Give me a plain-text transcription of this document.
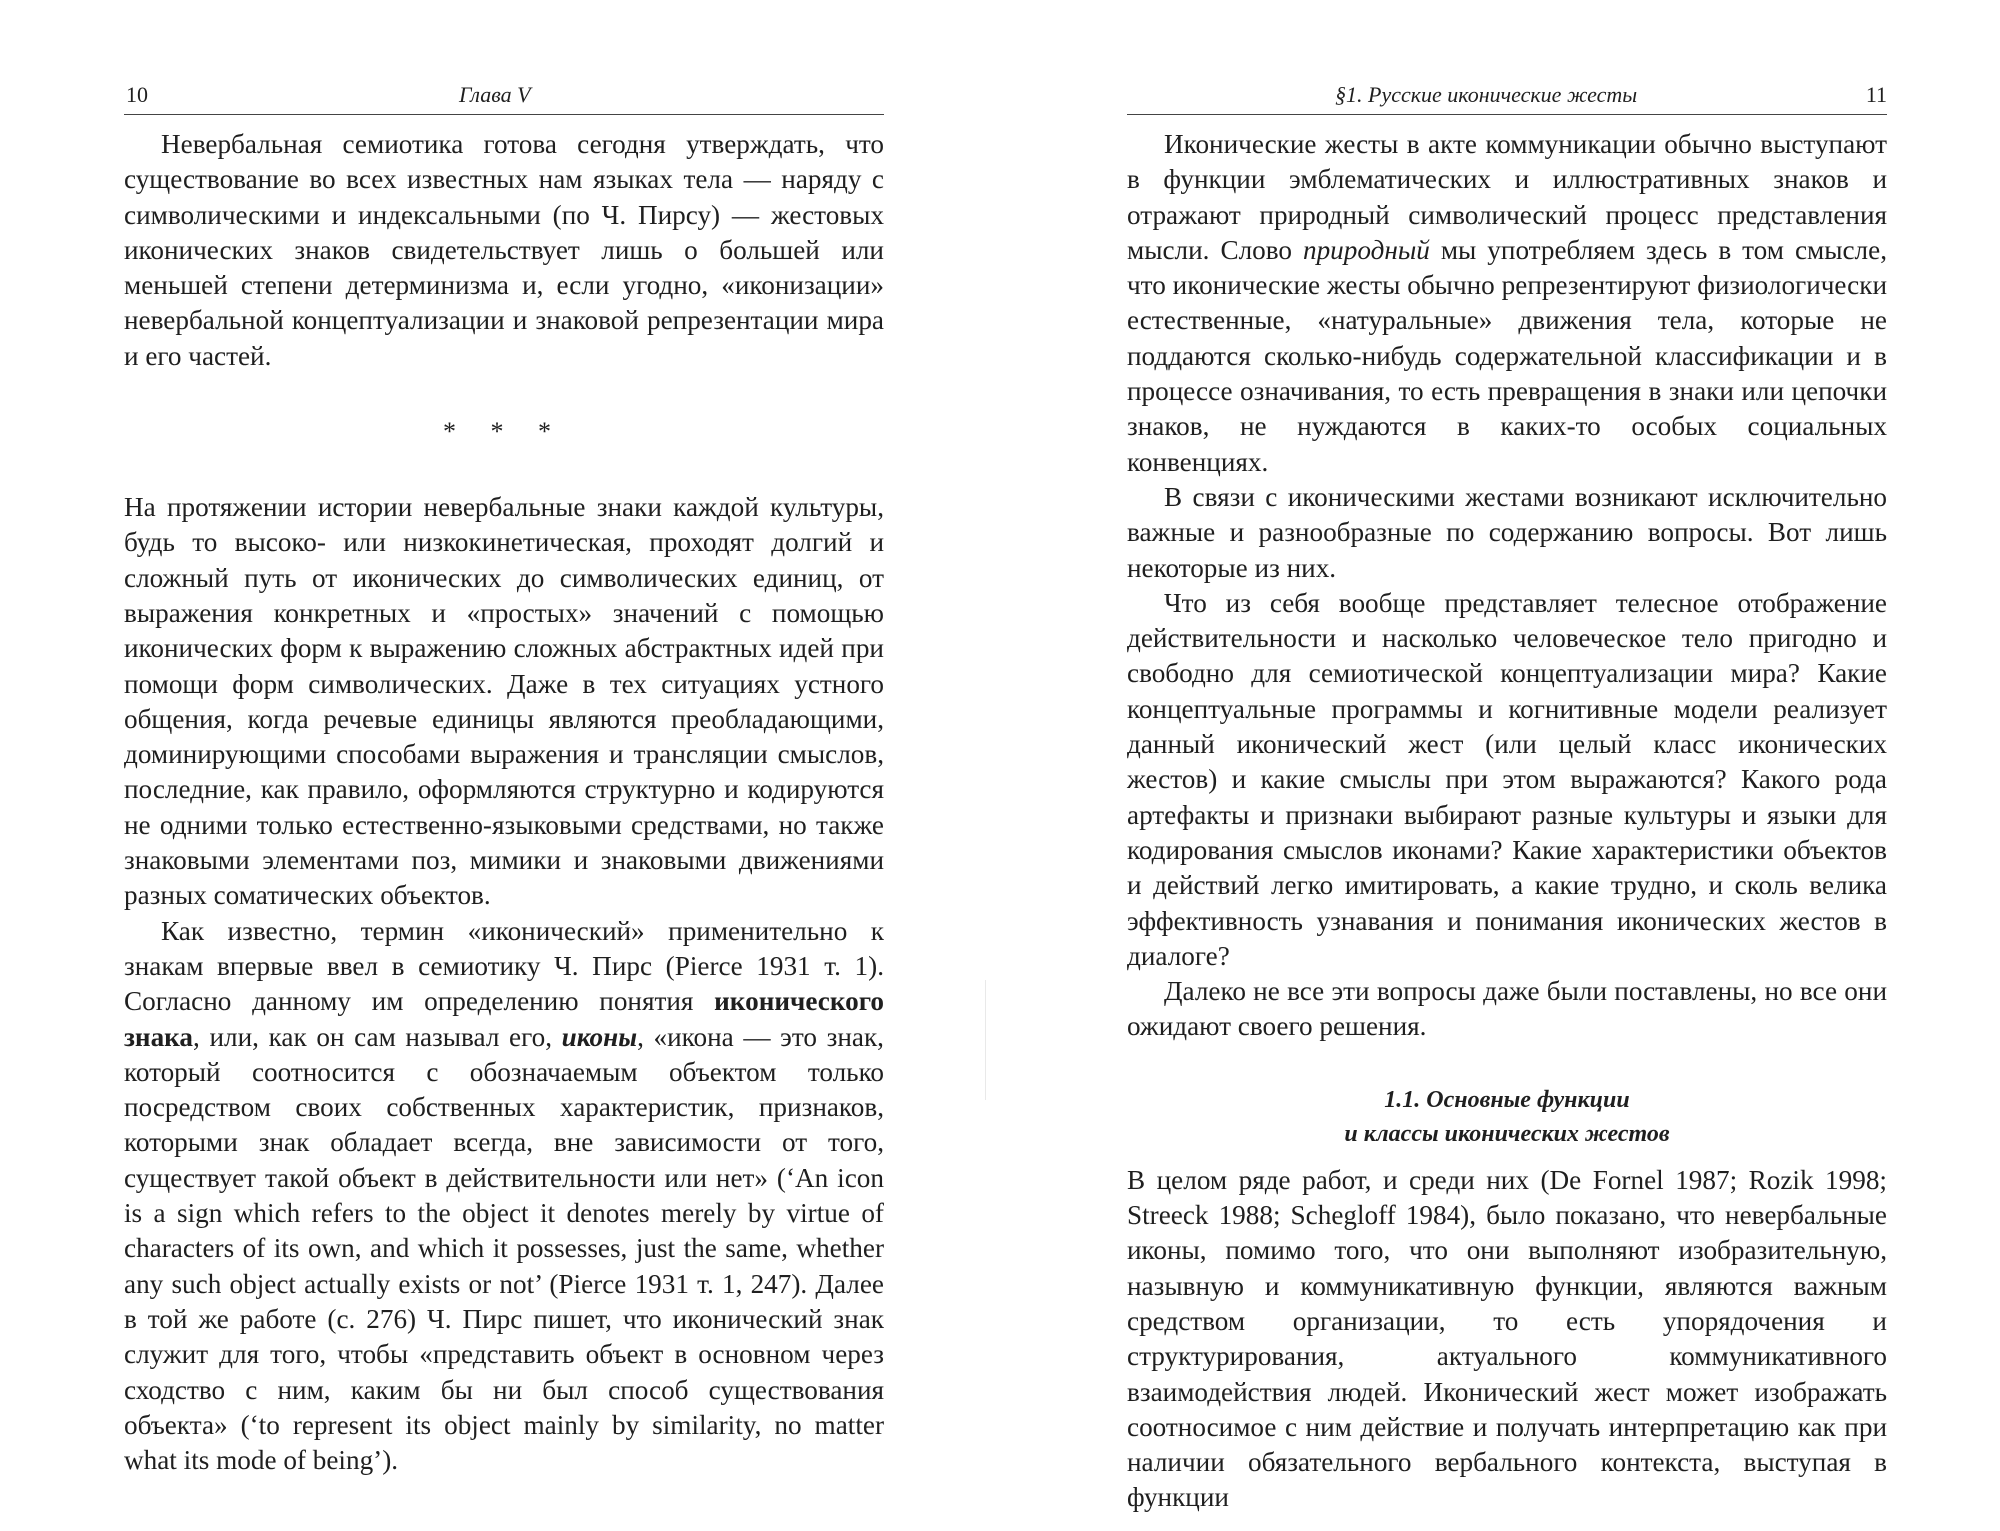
10	Глава V

Невербальная семиотика готова сегодня утверждать, что существование во всех известных нам языках тела — наряду с символическими и индексальными (по Ч. Пирсу) — жестовых иконических знаков свидетельствует лишь о большей или меньшей степени детерминизма и, если угодно, «иконизации» невербальной концептуализации и знаковой репрезентации мира и его частей.

* * *

На протяжении истории невербальные знаки каждой культуры, будь то высоко- или низкокинетическая, проходят долгий и сложный путь от иконических до символических единиц, от выражения конкретных и «простых» значений с помощью иконических форм к выражению сложных абстрактных идей при помощи форм символических. Даже в тех ситуациях устного общения, когда речевые единицы являются преобладающими, доминирующими способами выражения и трансляции смыслов, последние, как правило, оформляются структурно и кодируются не одними только естественно-языковыми средствами, но также знаковыми элементами поз, мимики и знаковыми движениями разных соматических объектов.

Как известно, термин «иконический» применительно к знакам впервые ввел в семиотику Ч. Пирс (Pierce 1931 т. 1). Согласно данному им определению понятия иконического знака, или, как он сам называл его, иконы, «икона — это знак, который соотносится с обозначаемым объектом только посредством своих собственных характеристик, признаков, которыми знак обладает всегда, вне зависимости от того, существует такой объект в действительности или нет» (‘An icon is a sign which refers to the object it denotes merely by virtue of characters of its own, and which it possesses, just the same, whether any such object actually exists or not’ (Pierce 1931 т. 1, 247). Далее в той же работе (с. 276) Ч. Пирс пишет, что иконический знак служит для того, чтобы «представить объект в основном через сходство с ним, каким бы ни был способ существования объекта» (‘to represent its object mainly by similarity, no matter what its mode of being’).

§1. Русские иконические жесты	11

Иконические жесты в акте коммуникации обычно выступают в функции эмблематических и иллюстративных знаков и отражают природный символический процесс представления мысли. Слово природный мы употребляем здесь в том смысле, что иконические жесты обычно репрезентируют физиологически естественные, «натуральные» движения тела, которые не поддаются сколько-нибудь содержательной классификации и в процессе означивания, то есть превращения в знаки или цепочки знаков, не нуждаются в каких-то особых социальных конвенциях.

В связи с иконическими жестами возникают исключительно важные и разнообразные по содержанию вопросы. Вот лишь некоторые из них.

Что из себя вообще представляет телесное отображение действительности и насколько человеческое тело пригодно и свободно для семиотической концептуализации мира? Какие концептуальные программы и когнитивные модели реализует данный иконический жест (или целый класс иконических жестов) и какие смыслы при этом выражаются? Какого рода артефакты и признаки выбирают разные культуры и языки для кодирования смыслов иконами? Какие характеристики объектов и действий легко имитировать, а какие трудно, и сколь велика эффективность узнавания и понимания иконических жестов в диалоге?

Далеко не все эти вопросы даже были поставлены, но все они ожидают своего решения.

1.1. Основные функции
и классы иконических жестов

В целом ряде работ, и среди них (De Fornel 1987; Rozik 1998; Streeck 1988; Schegloff 1984), было показано, что невербальные иконы, помимо того, что они выполняют изобразительную, назывную и коммуникативную функции, являются важным средством организации, то есть упорядочения и структурирования, актуального коммуникативного взаимодействия людей. Иконический жест может изображать соотносимое с ним действие и получать интерпретацию как при наличии обязательного вербального контекста, выступая в функции
